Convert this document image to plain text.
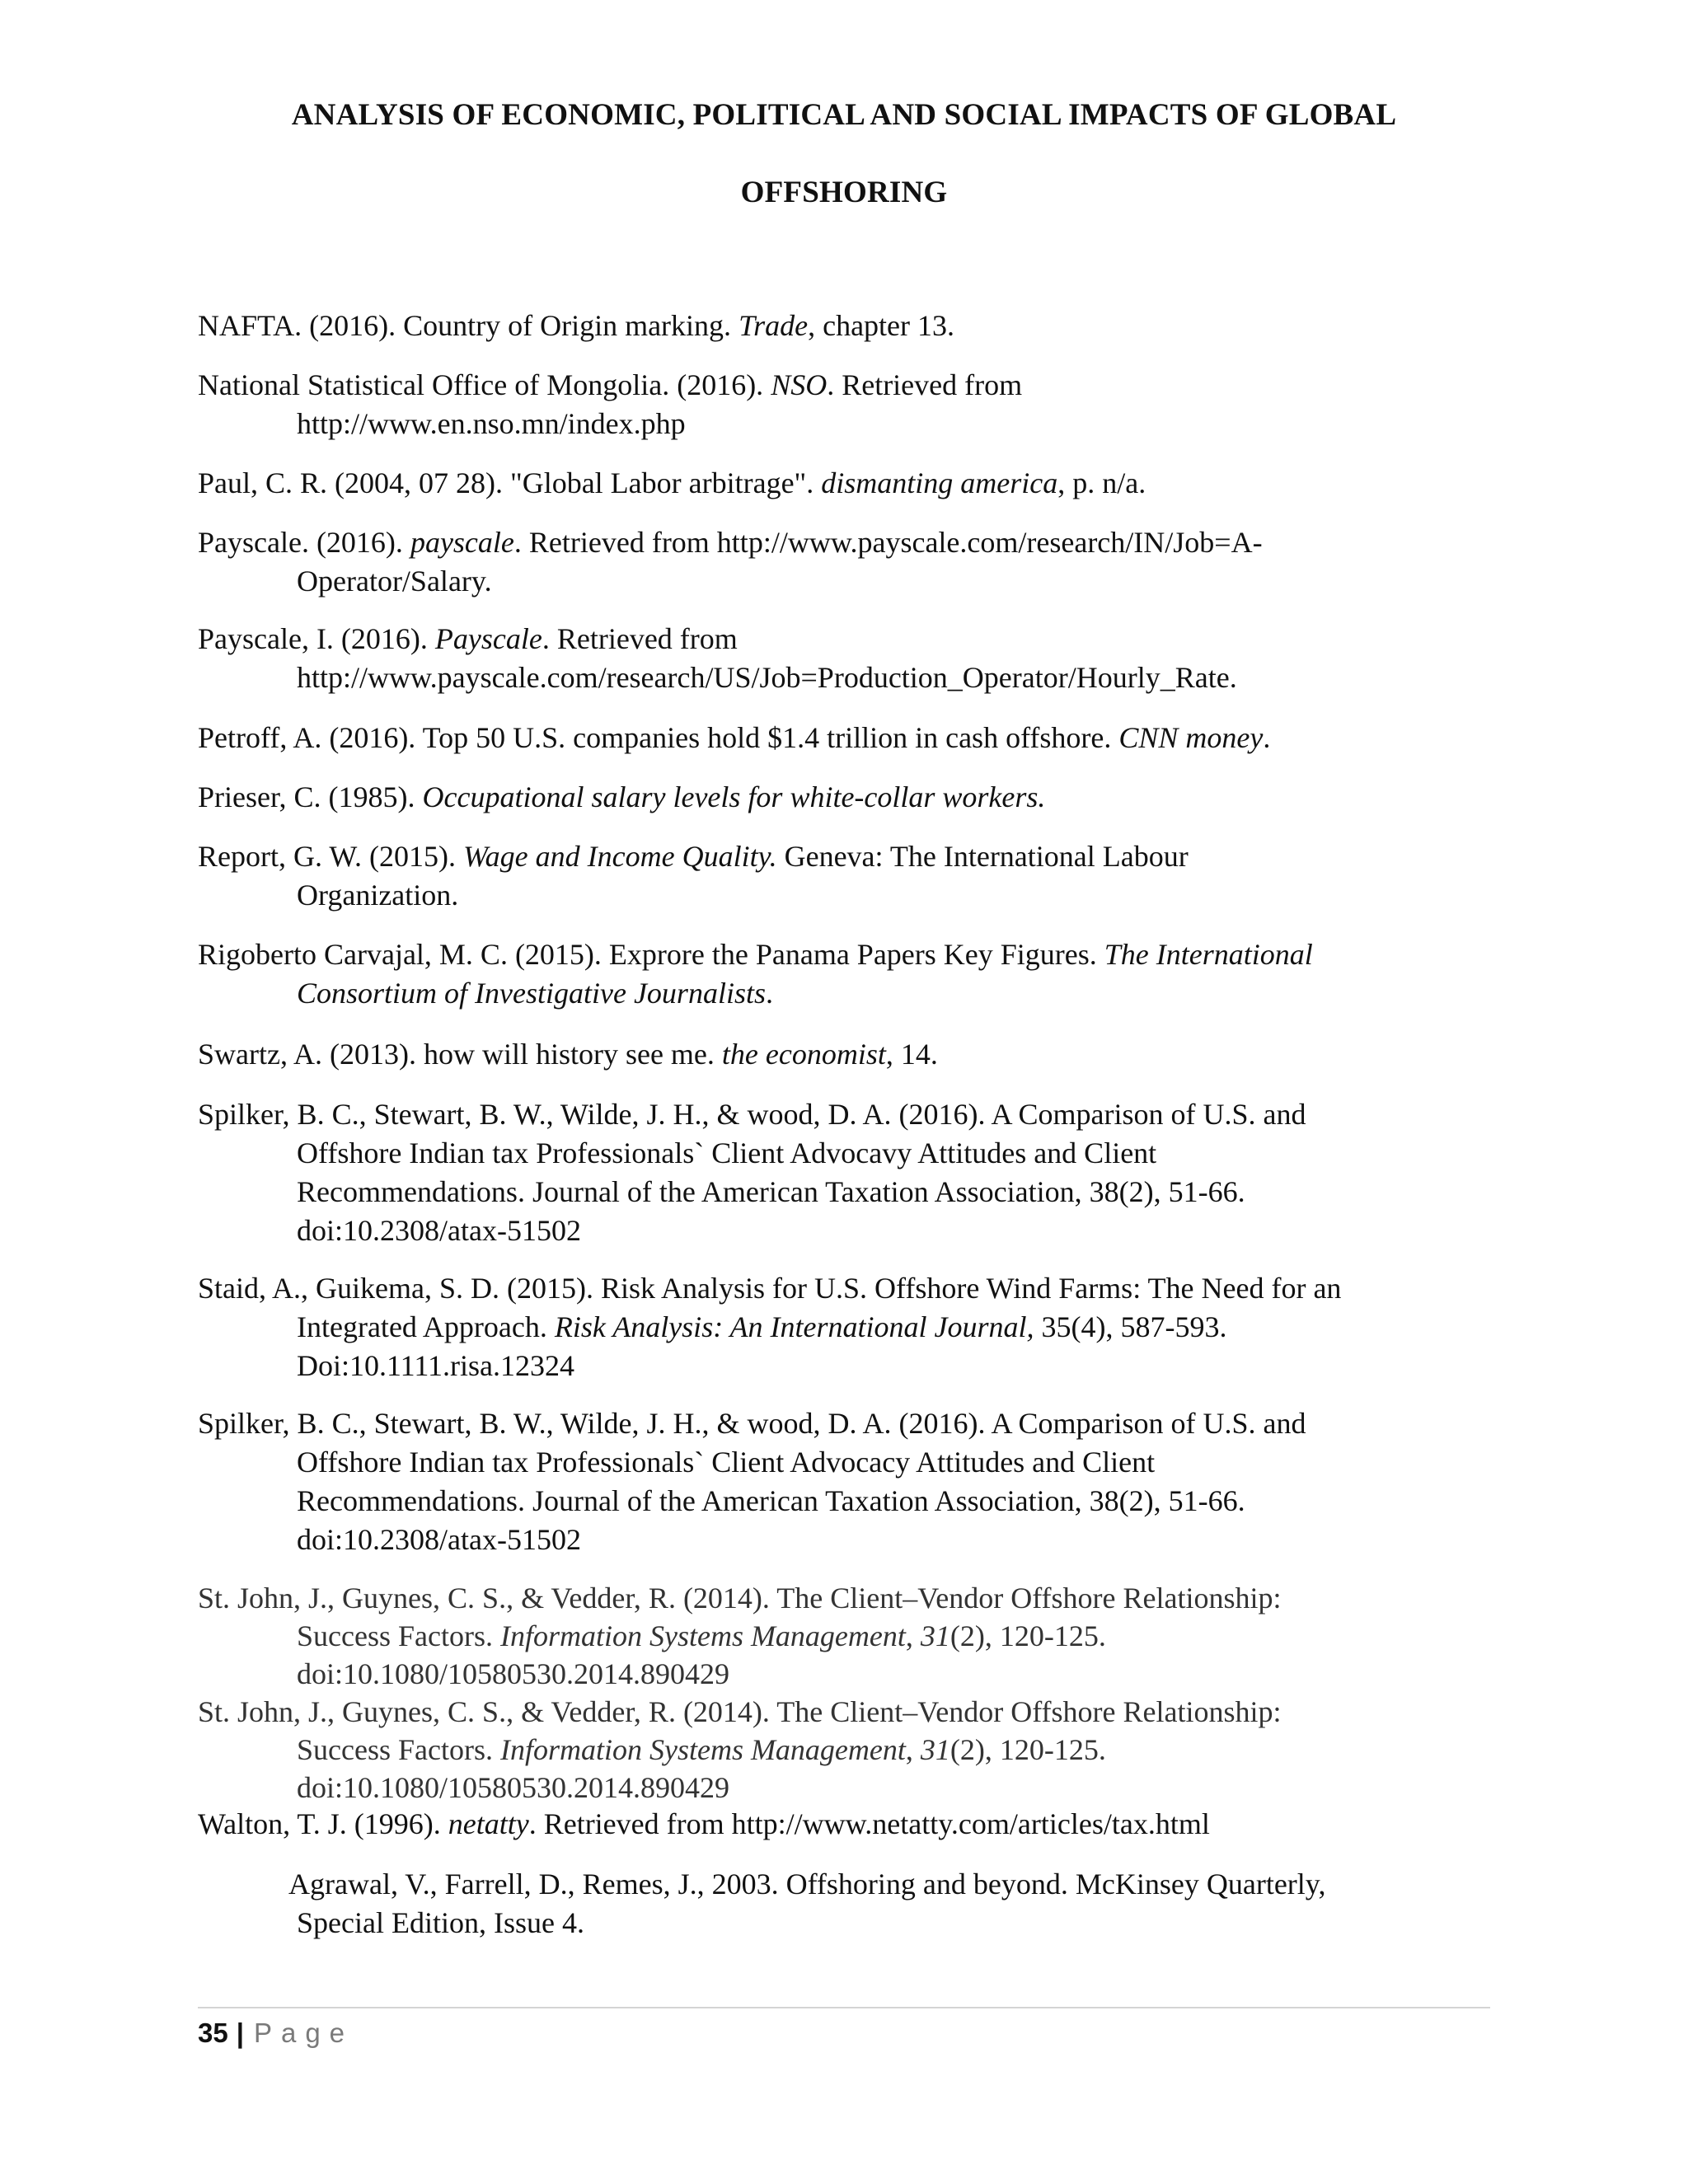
ANALYSIS OF ECONOMIC, POLITICAL AND SOCIAL IMPACTS OF GLOBAL
OFFSHORING
NAFTA. (2016). Country of Origin marking. Trade, chapter 13.
National Statistical Office of Mongolia. (2016). NSO. Retrieved from
http://www.en.nso.mn/index.php
Paul, C. R. (2004, 07 28). "Global Labor arbitrage". dismanting america, p. n/a.
Payscale. (2016). payscale. Retrieved from http://www.payscale.com/research/IN/Job=A-
Operator/Salary.
Payscale, I. (2016). Payscale. Retrieved from
http://www.payscale.com/research/US/Job=Production_Operator/Hourly_Rate.
Petroff, A. (2016). Top 50 U.S. companies hold $1.4 trillion in cash offshore. CNN money.
Prieser, C. (1985). Occupational salary levels for white-collar workers.
Report, G. W. (2015). Wage and Income Quality. Geneva: The International Labour
Organization.
Rigoberto Carvajal, M. C. (2015). Exprore the Panama Papers Key Figures. The International
Consortium of Investigative Journalists.
Swartz, A. (2013). how will history see me. the economist, 14.
Spilker, B. C., Stewart, B. W., Wilde, J. H., & wood, D. A. (2016). A Comparison of U.S. and
Offshore Indian tax Professionals` Client Advocavy Attitudes and Client
Recommendations. Journal of the American Taxation Association, 38(2), 51-66.
doi:10.2308/atax-51502
Staid, A., Guikema, S. D. (2015). Risk Analysis for U.S. Offshore Wind Farms: The Need for an
Integrated Approach. Risk Analysis: An International Journal, 35(4), 587-593.
Doi:10.1111.risa.12324
Spilker, B. C., Stewart, B. W., Wilde, J. H., & wood, D. A. (2016). A Comparison of U.S. and
Offshore Indian tax Professionals` Client Advocacy Attitudes and Client
Recommendations. Journal of the American Taxation Association, 38(2), 51-66.
doi:10.2308/atax-51502
St. John, J., Guynes, C. S., & Vedder, R. (2014). The Client–Vendor Offshore Relationship:
Success Factors. Information Systems Management, 31(2), 120-125.
doi:10.1080/10580530.2014.890429
St. John, J., Guynes, C. S., & Vedder, R. (2014). The Client–Vendor Offshore Relationship:
Success Factors. Information Systems Management, 31(2), 120-125.
doi:10.1080/10580530.2014.890429
Walton, T. J. (1996). netatty. Retrieved from http://www.netatty.com/articles/tax.html
Agrawal, V., Farrell, D., Remes, J., 2003. Offshoring and beyond. McKinsey Quarterly,
Special Edition, Issue 4.
35 | Page
